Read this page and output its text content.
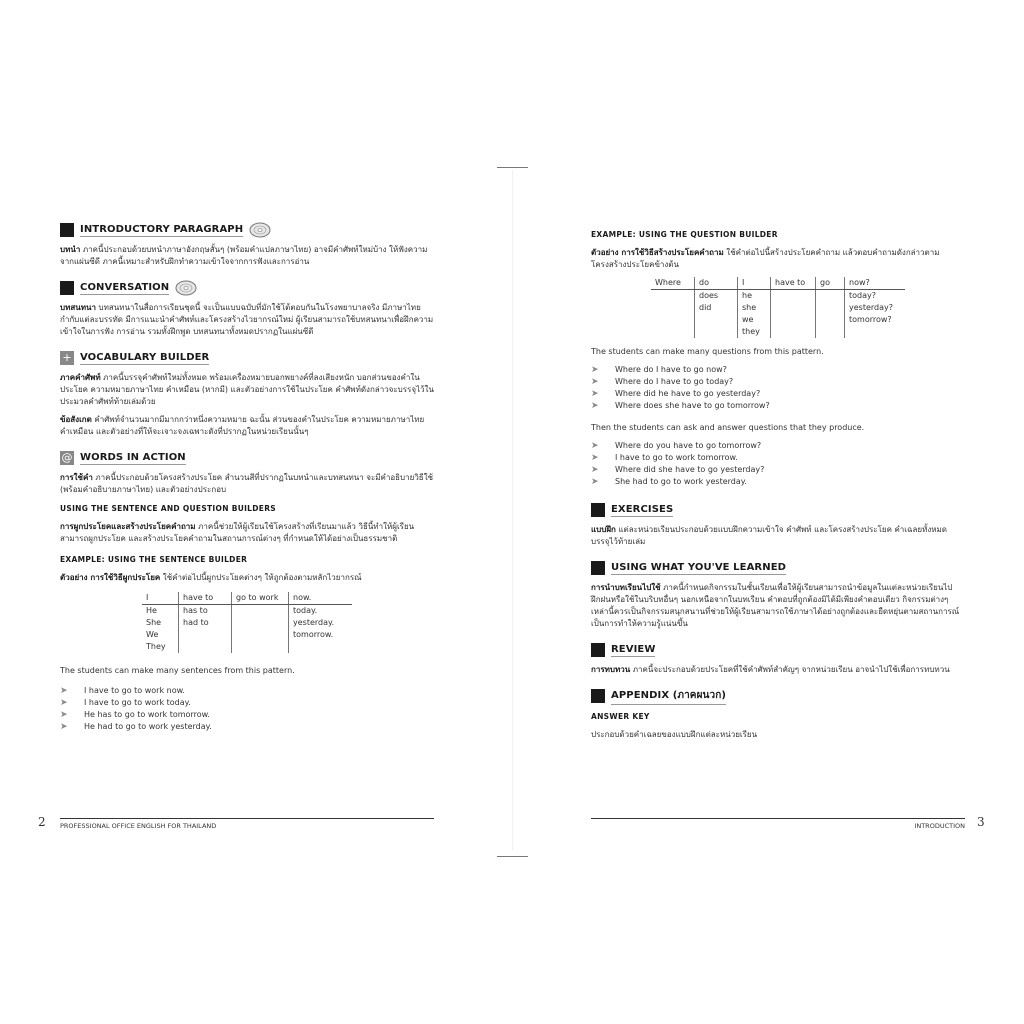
INTRODUCTORY PARAGRAPH

บทนำ ภาคนี้ประกอบด้วยบทนำภาษาอังกฤษสั้นๆ (พร้อมคำแปลภาษาไทย) อาจมีคำศัพท์ใหม่บ้าง ให้ฟังความจากแผ่นซีดี ภาคนี้เหมาะสำหรับฝึกทำความเข้าใจจากการฟังและการอ่าน

CONVERSATION

บทสนทนา บทสนทนาในสื่อการเรียนชุดนี้ จะเป็นแบบฉบับที่มักใช้โต้ตอบกันในโรงพยาบาลจริง มีภาษาไทยกำกับแต่ละบรรทัด มีการแนะนำคำศัพท์และโครงสร้างไวยากรณ์ใหม่ ผู้เรียนสามารถใช้บทสนทนาเพื่อฝึกความเข้าใจในการฟัง การอ่าน รวมทั้งฝึกพูด บทสนทนาทั้งหมดปรากฏในแผ่นซีดี

+ VOCABULARY BUILDER

ภาคคำศัพท์ ภาคนี้บรรจุคำศัพท์ใหม่ทั้งหมด พร้อมเครื่องหมายบอกพยางค์ที่ลงเสียงหนัก บอกส่วนของคำในประโยค ความหมายภาษาไทย คำเหมือน (หากมี) และตัวอย่างการใช้ในประโยค คำศัพท์ดังกล่าวจะบรรจุไว้ในประมวลคำศัพท์ท้ายเล่มด้วย

ข้อสังเกต คำศัพท์จำนวนมากมีมากกว่าหนึ่งความหมาย ฉะนั้น ส่วนของคำในประโยค ความหมายภาษาไทย คำเหมือน และตัวอย่างที่ให้จะเจาะจงเฉพาะดังที่ปรากฏในหน่วยเรียนนั้นๆ

@ WORDS IN ACTION

การใช้คำ ภาคนี้ประกอบด้วยโครงสร้างประโยค สำนวนสีที่ปรากฏในบทนำและบทสนทนา จะมีคำอธิบายวิธีใช้ (พร้อมคำอธิบายภาษาไทย) และตัวอย่างประกอบ

USING THE SENTENCE AND QUESTION BUILDERS

การผูกประโยคและสร้างประโยคคำถาม ภาคนี้ช่วยให้ผู้เรียนใช้โครงสร้างที่เรียนมาแล้ว วิธีนี้ทำให้ผู้เรียนสามารถผูกประโยค และสร้างประโยคคำถามในสถานการณ์ต่างๆ ที่กำหนดให้ได้อย่างเป็นธรรมชาติ

EXAMPLE: USING THE SENTENCE BUILDER

ตัวอย่าง การใช้วิธีผูกประโยค ใช้คำต่อไปนี้ผูกประโยคต่างๆ ให้ถูกต้องตามหลักไวยากรณ์

I	have to	go to work	now.
He	has to		today.
She	had to		yesterday.
We			tomorrow.
They			

The students can make many sentences from this pattern.

➤	I have to go to work now.
➤	I have to go to work today.
➤	He has to go to work tomorrow.
➤	He had to go to work yesterday.
EXAMPLE: USING THE QUESTION BUILDER

ตัวอย่าง การใช้วิธีสร้างประโยคคำถาม ใช้คำต่อไปนี้สร้างประโยคคำถาม แล้วตอบคำถามดังกล่าวตามโครงสร้างประโยคข้างต้น

Where	do	I	have to	go	now?
	does	he			today?
	did	she			yesterday?
		we			tomorrow?
		they			

The students can make many questions from this pattern.

➤	Where do I have to go now?
➤	Where do I have to go today?
➤	Where did he have to go yesterday?
➤	Where does she have to go tomorrow?

Then the students can ask and answer questions that they produce.

➤	Where do you have to go tomorrow?
➤	I have to go to work tomorrow.
➤	Where did she have to go yesterday?
➤	She had to go to work yesterday.
EXERCISES

แบบฝึก แต่ละหน่วยเรียนประกอบด้วยแบบฝึกความเข้าใจ คำศัพท์ และโครงสร้างประโยค คำเฉลยทั้งหมดบรรจุไว้ท้ายเล่ม

USING WHAT YOU'VE LEARNED

การนำบทเรียนไปใช้ ภาคนี้กำหนดกิจกรรมในชั้นเรียนเพื่อให้ผู้เรียนสามารถนำข้อมูลในแต่ละหน่วยเรียนไปฝึกฝนหรือใช้ในบริบทอื่นๆ นอกเหนือจากในบทเรียน คำตอบที่ถูกต้องมิได้มีเพียงคำตอบเดียว กิจกรรมต่างๆ เหล่านี้ควรเป็นกิจกรรมสนุกสนานที่ช่วยให้ผู้เรียนสามารถใช้ภาษาได้อย่างถูกต้องและยืดหยุ่นตามสถานการณ์ เป็นการทำให้ความรู้แน่นขึ้น

REVIEW

การทบทวน ภาคนี้จะประกอบด้วยประโยคที่ใช้คำศัพท์สำคัญๆ จากหน่วยเรียน อาจนำไปใช้เพื่อการทบทวน

APPENDIX (ภาคผนวก)
ANSWER KEY

ประกอบด้วยคำเฉลยของแบบฝึกแต่ละหน่วยเรียน

PROFESSIONAL OFFICE ENGLISH FOR THAILAND
2	INTRODUCTION 3
